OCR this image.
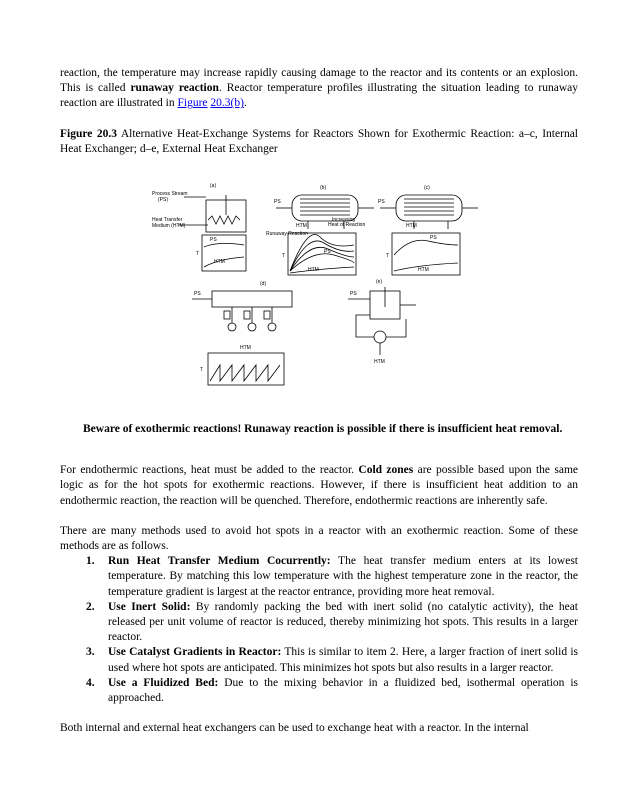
reaction, the temperature may increase rapidly causing damage to the reactor and its contents or an explosion. This is called runaway reaction. Reactor temperature profiles illustrating the situation leading to runaway reaction are illustrated in Figure 20.3(b).

Figure 20.3 Alternative Heat-Exchange Systems for Reactors Shown for Exothermic Reaction: a–c, Internal Heat Exchanger; d–e, External Heat Exchanger

(a)	(b)	(c)
(d)	(e)
Process Stream
(PS)
Heat Transfer
Medium (HTM)
T
PS
HTM
PS
HTM
Runaway Reaction
Increasing
Heat of Reaction
T
PS
HTM
PS
HTM
T
PS
HTM
PS
HTM
T
PS
HTM

Beware of exothermic reactions! Runaway reaction is possible if there is insufficient heat removal.

For endothermic reactions, heat must be added to the reactor. Cold zones are possible based upon the same logic as for the hot spots for exothermic reactions. However, if there is insufficient heat addition to an endothermic reaction, the reaction will be quenched. Therefore, endothermic reactions are inherently safe.

There are many methods used to avoid hot spots in a reactor with an exothermic reaction. Some of these methods are as follows.

1. Run Heat Transfer Medium Cocurrently: The heat transfer medium enters at its lowest temperature. By matching this low temperature with the highest temperature zone in the reactor, the temperature gradient is largest at the reactor entrance, providing more heat removal.
2. Use Inert Solid: By randomly packing the bed with inert solid (no catalytic activity), the heat released per unit volume of reactor is reduced, thereby minimizing hot spots. This results in a larger reactor.
3. Use Catalyst Gradients in Reactor: This is similar to item 2. Here, a larger fraction of inert solid is used where hot spots are anticipated. This minimizes hot spots but also results in a larger reactor.
4. Use a Fluidized Bed: Due to the mixing behavior in a fluidized bed, isothermal operation is approached.

Both internal and external heat exchangers can be used to exchange heat with a reactor. In the internal
